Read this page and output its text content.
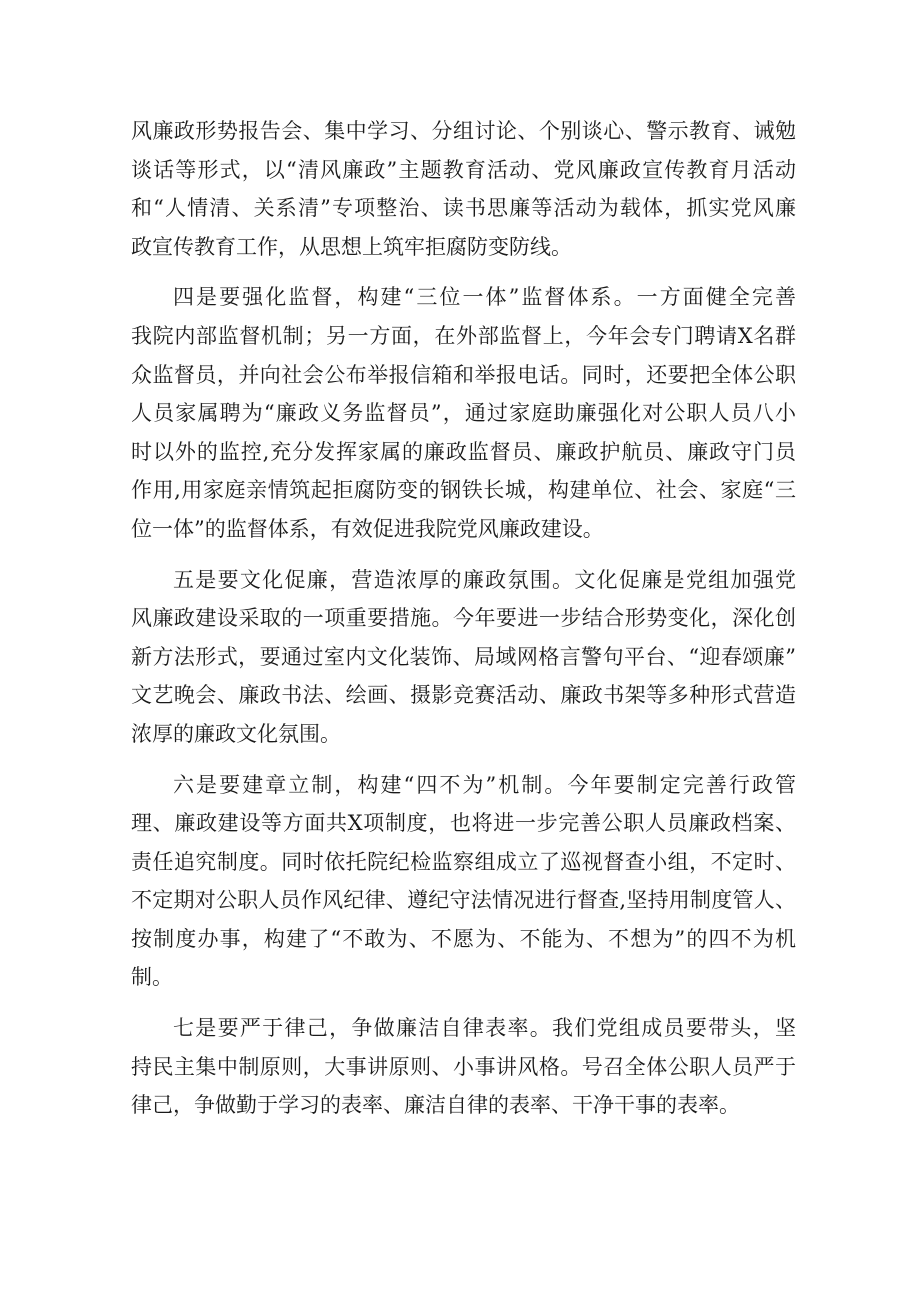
风廉政形势报告会、集中学习、分组讨论、个别谈心、警示教育、诫勉
谈话等形式，以“清风廉政”主题教育活动、党风廉政宣传教育月活动
和“人情清、关系清”专项整治、读书思廉等活动为载体，抓实党风廉
政宣传教育工作，从思想上筑牢拒腐防变防线。
四是要强化监督，构建“三位一体”监督体系。一方面健全完善
我院内部监督机制；另一方面，在外部监督上，今年会专门聘请X名群
众监督员，并向社会公布举报信箱和举报电话。同时，还要把全体公职
人员家属聘为“廉政义务监督员”，通过家庭助廉强化对公职人员八小
时以外的监控,充分发挥家属的廉政监督员、廉政护航员、廉政守门员
作用,用家庭亲情筑起拒腐防变的钢铁长城，构建单位、社会、家庭“三
位一体”的监督体系，有效促进我院党风廉政建设。
五是要文化促廉，营造浓厚的廉政氛围。文化促廉是党组加强党
风廉政建设采取的一项重要措施。今年要进一步结合形势变化，深化创
新方法形式，要通过室内文化装饰、局域网格言警句平台、“迎春颂廉”
文艺晚会、廉政书法、绘画、摄影竞赛活动、廉政书架等多种形式营造
浓厚的廉政文化氛围。
六是要建章立制，构建“四不为”机制。今年要制定完善行政管
理、廉政建设等方面共X项制度，也将进一步完善公职人员廉政档案、
责任追究制度。同时依托院纪检监察组成立了巡视督查小组，不定时、
不定期对公职人员作风纪律、遵纪守法情况进行督查,坚持用制度管人、
按制度办事，构建了“不敢为、不愿为、不能为、不想为”的四不为机
制。
七是要严于律己，争做廉洁自律表率。我们党组成员要带头，坚
持民主集中制原则，大事讲原则、小事讲风格。号召全体公职人员严于
律己，争做勤于学习的表率、廉洁自律的表率、干净干事的表率。
